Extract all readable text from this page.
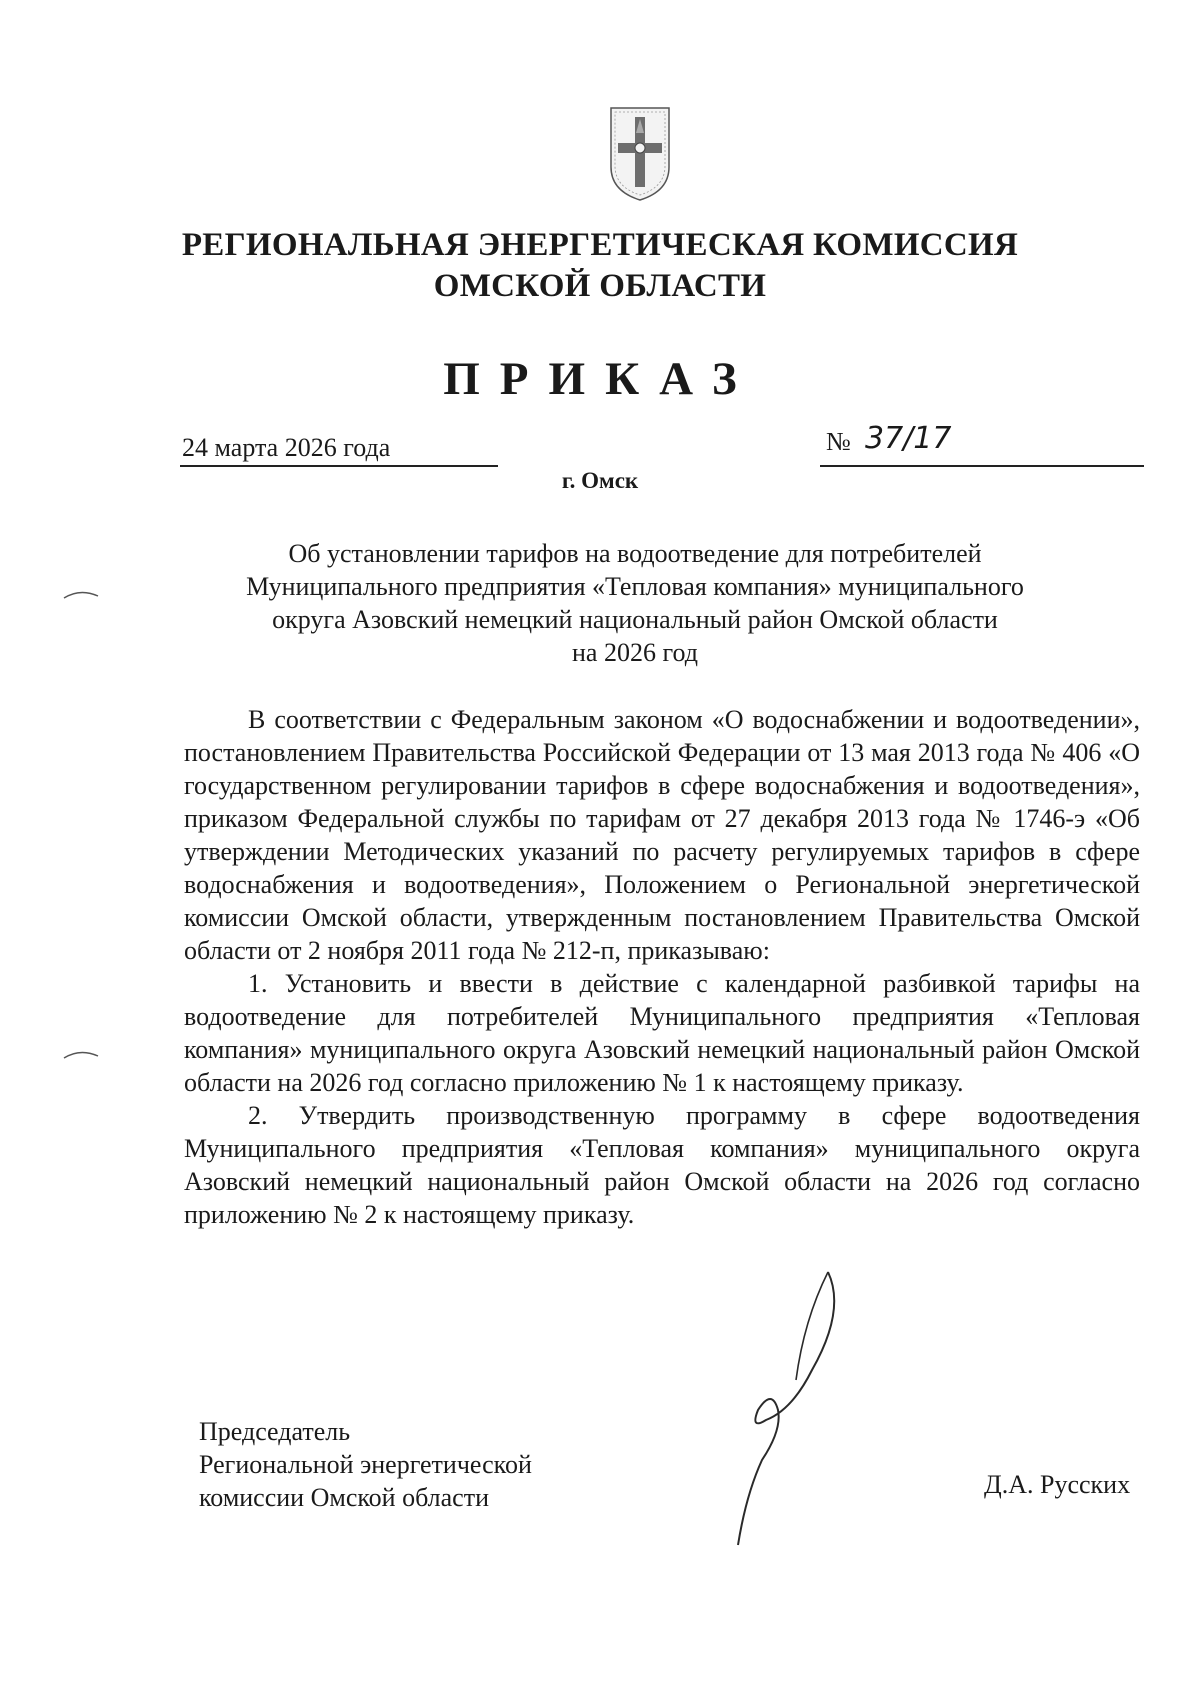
РЕГИОНАЛЬНАЯ ЭНЕРГЕТИЧЕСКАЯ КОМИССИЯ
ОМСКОЙ ОБЛАСТИ
ПРИКАЗ
24 марта 2026 года	№ 37/17
г. Омск
Об установлении тарифов на водоотведение для потребителей
Муниципального предприятия «Тепловая компания» муниципального
округа Азовский немецкий национальный район Омской области
на 2026 год

В соответствии с Федеральным законом «О водоснабжении и водоотведении», постановлением Правительства Российской Федерации от 13 мая 2013 года № 406 «О государственном регулировании тарифов в сфере водоснабжения и водоотведения», приказом Федеральной службы по тарифам от 27 декабря 2013 года № 1746-э «Об утверждении Методических указаний по расчету регулируемых тарифов в сфере водоснабжения и водоотведения», Положением о Региональной энергетической комиссии Омской области, утвержденным постановлением Правительства Омской области от 2 ноября 2011 года № 212-п, приказываю:

1. Установить и ввести в действие с календарной разбивкой тарифы на водоотведение для потребителей Муниципального предприятия «Тепловая компания» муниципального округа Азовский немецкий национальный район Омской области на 2026 год согласно приложению № 1 к настоящему приказу.

2. Утвердить производственную программу в сфере водоотведения Муниципального предприятия «Тепловая компания» муниципального округа Азовский немецкий национальный район Омской области на 2026 год согласно приложению № 2 к настоящему приказу.

Председатель
Региональной энергетической
комиссии Омской области	Д.А. Русских
